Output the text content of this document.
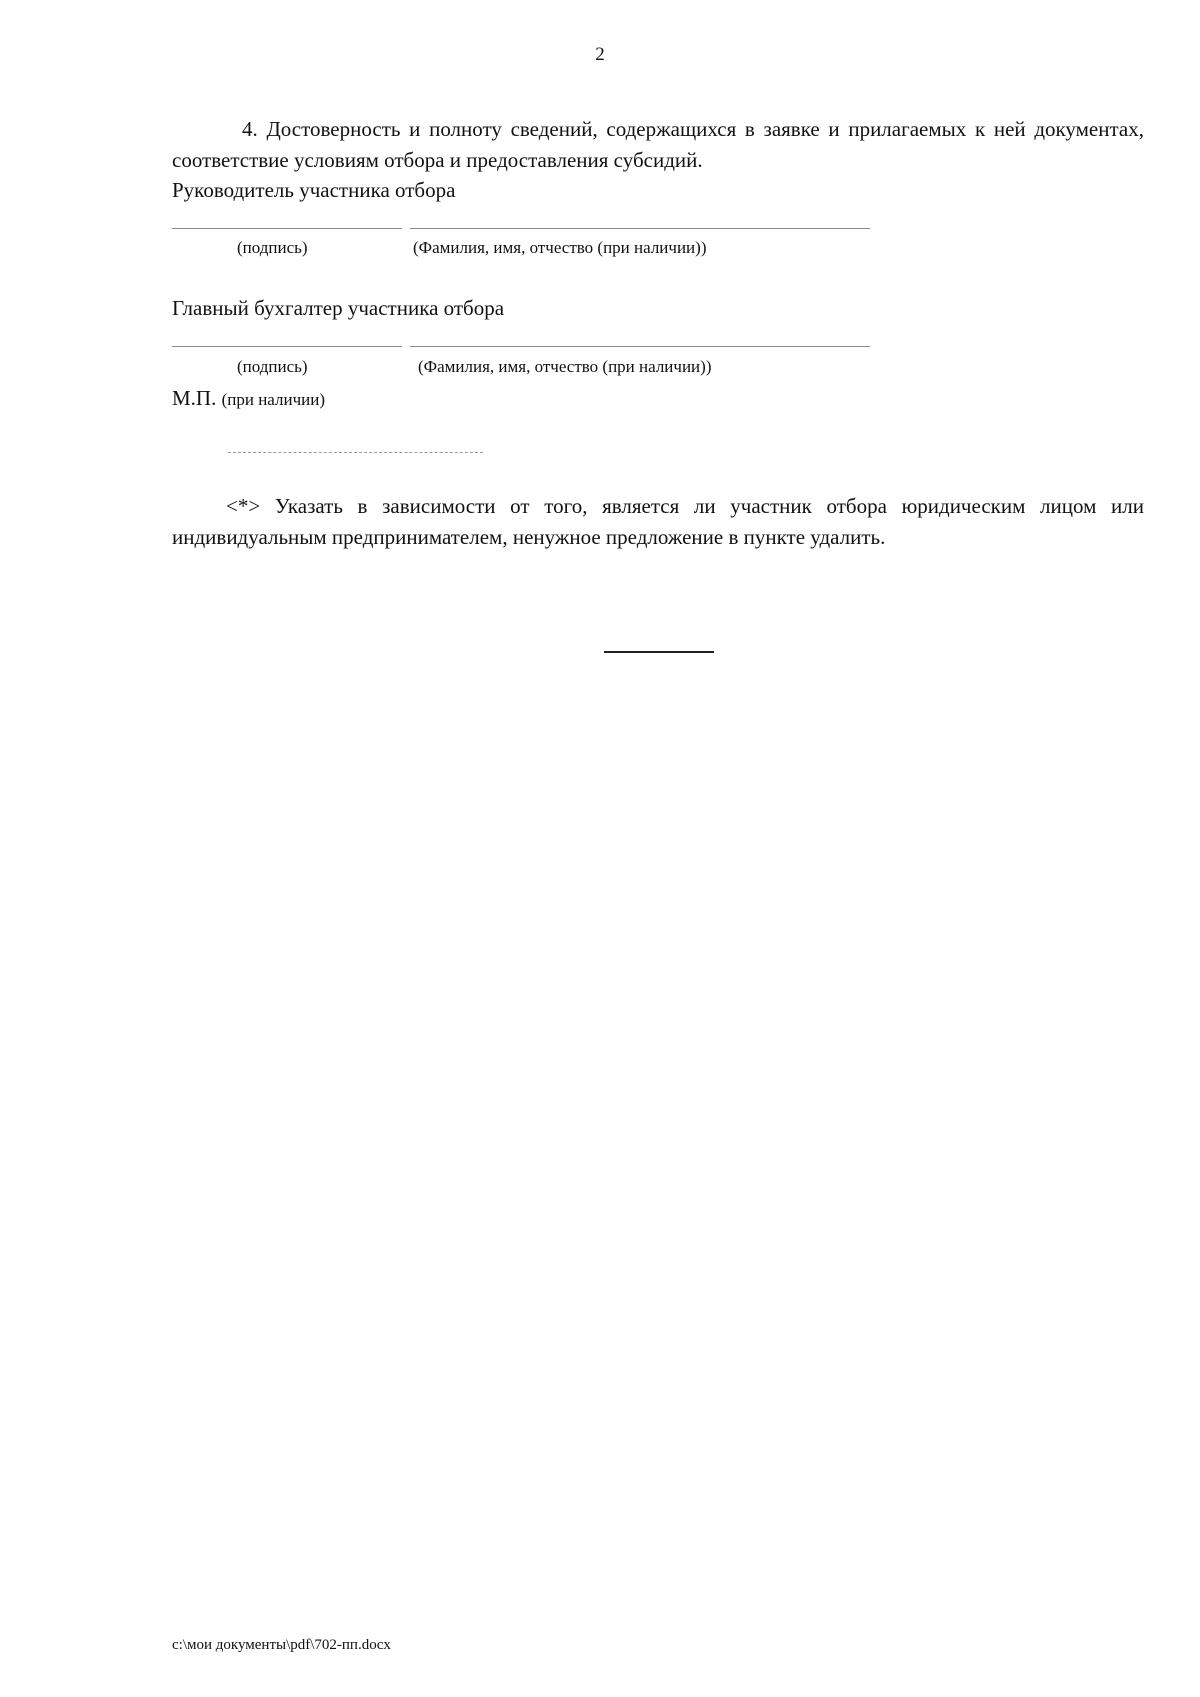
2

4. Достоверность и полноту сведений, содержащихся в заявке и прилагаемых к ней документах, соответствие условиям отбора и предоставления субсидий.

Руководитель участника отбора

(подпись)	(Фамилия, имя, отчество (при наличии))

Главный бухгалтер участника отбора

(подпись)	(Фамилия, имя, отчество (при наличии))
М.П. (при наличии)

<*> Указать в зависимости от того, является ли участник отбора юридическим лицом или индивидуальным предпринимателем, ненужное предложение в пункте удалить.

c:\мои документы\pdf\702-пп.docx
